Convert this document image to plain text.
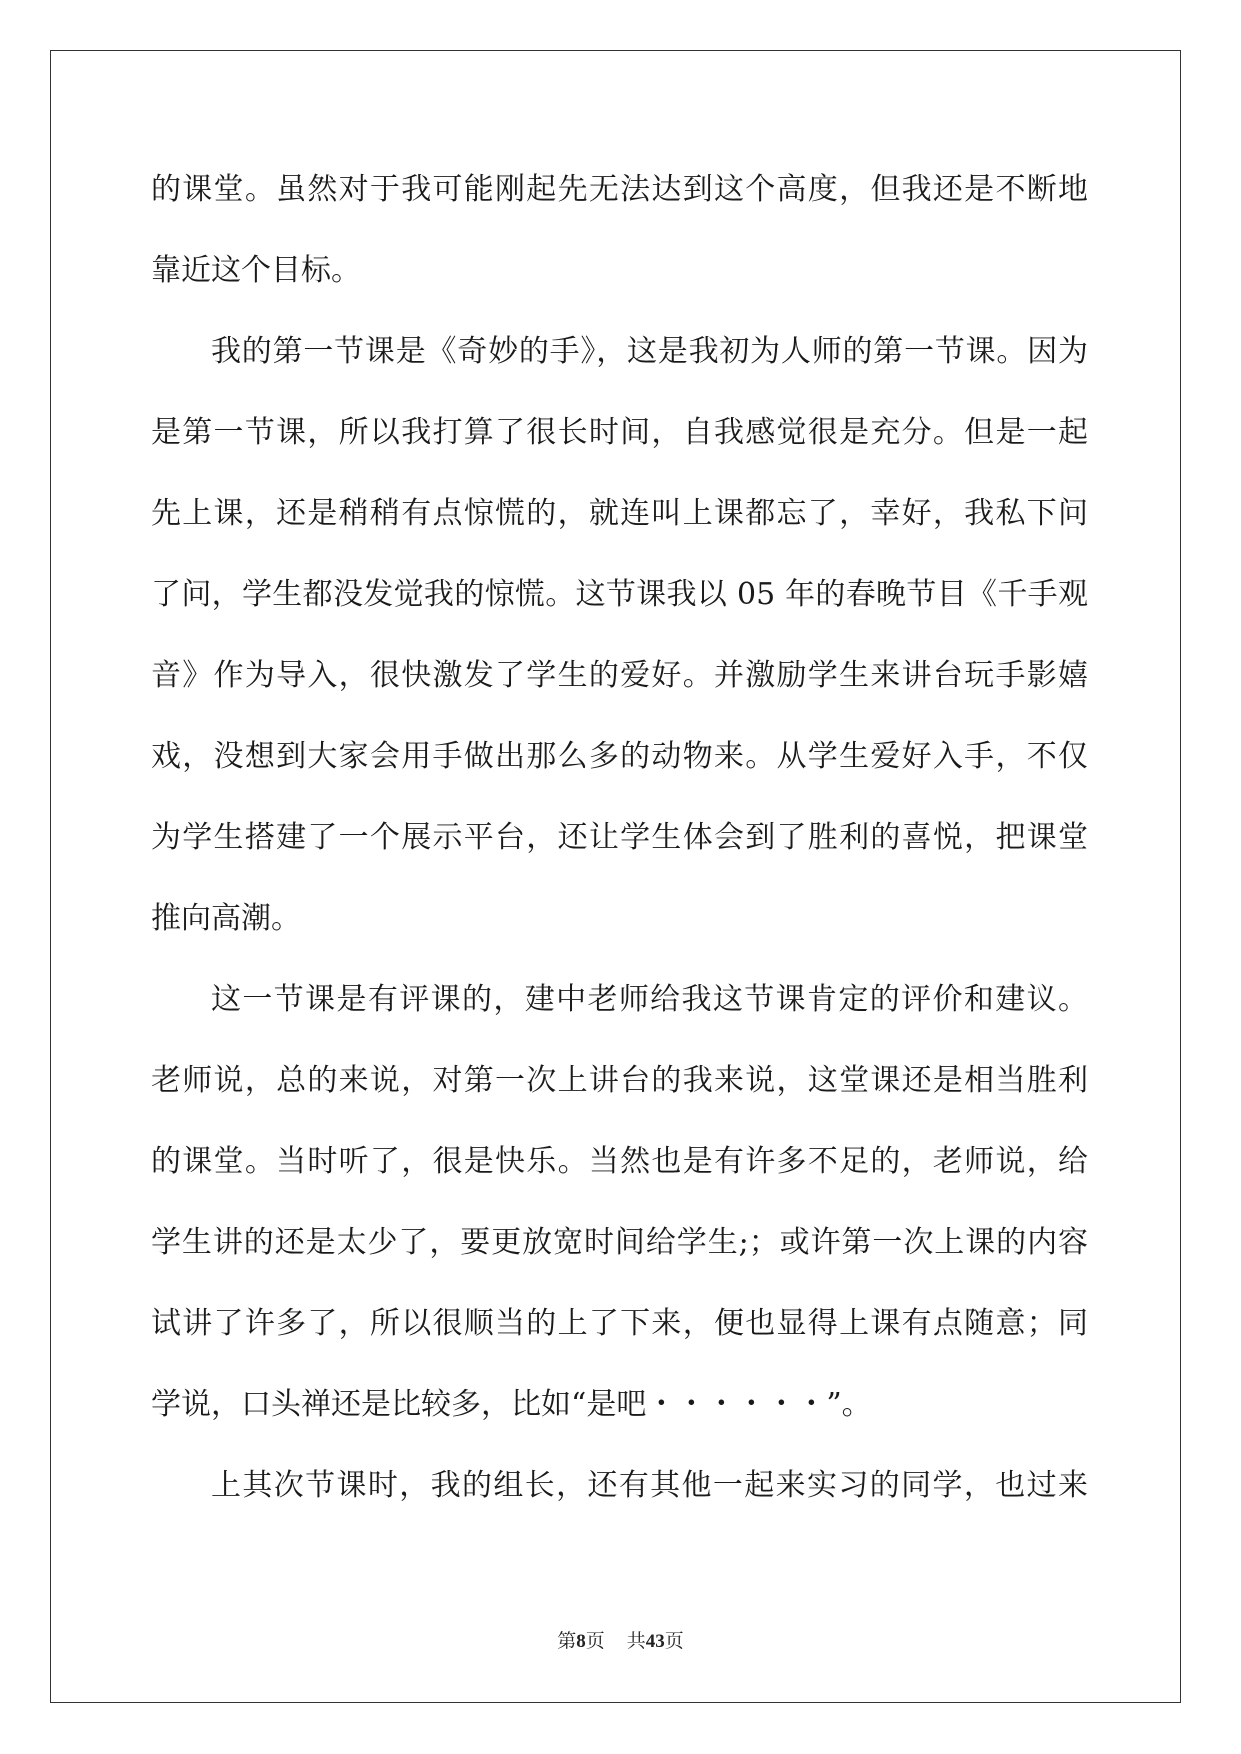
的课堂。虽然对于我可能刚起先无法达到这个高度，但我还是不断地
靠近这个目标。
我的第一节课是《奇妙的手》，这是我初为人师的第一节课。因为
是第一节课，所以我打算了很长时间，自我感觉很是充分。但是一起
先上课，还是稍稍有点惊慌的，就连叫上课都忘了，幸好，我私下问
了问，学生都没发觉我的惊慌。这节课我以 05 年的春晚节目《千手观
音》作为导入，很快激发了学生的爱好。并激励学生来讲台玩手影嬉
戏，没想到大家会用手做出那么多的动物来。从学生爱好入手，不仅
为学生搭建了一个展示平台，还让学生体会到了胜利的喜悦，把课堂
推向高潮。
这一节课是有评课的，建中老师给我这节课肯定的评价和建议。
老师说，总的来说，对第一次上讲台的我来说，这堂课还是相当胜利
的课堂。当时听了，很是快乐。当然也是有许多不足的，老师说，给
学生讲的还是太少了，要更放宽时间给学生;；或许第一次上课的内容
试讲了许多了，所以很顺当的上了下来，便也显得上课有点随意；同
学说，口头禅还是比较多，比如“是吧・・・・・・”。
上其次节课时，我的组长，还有其他一起来实习的同学，也过来
第8页 共43页
